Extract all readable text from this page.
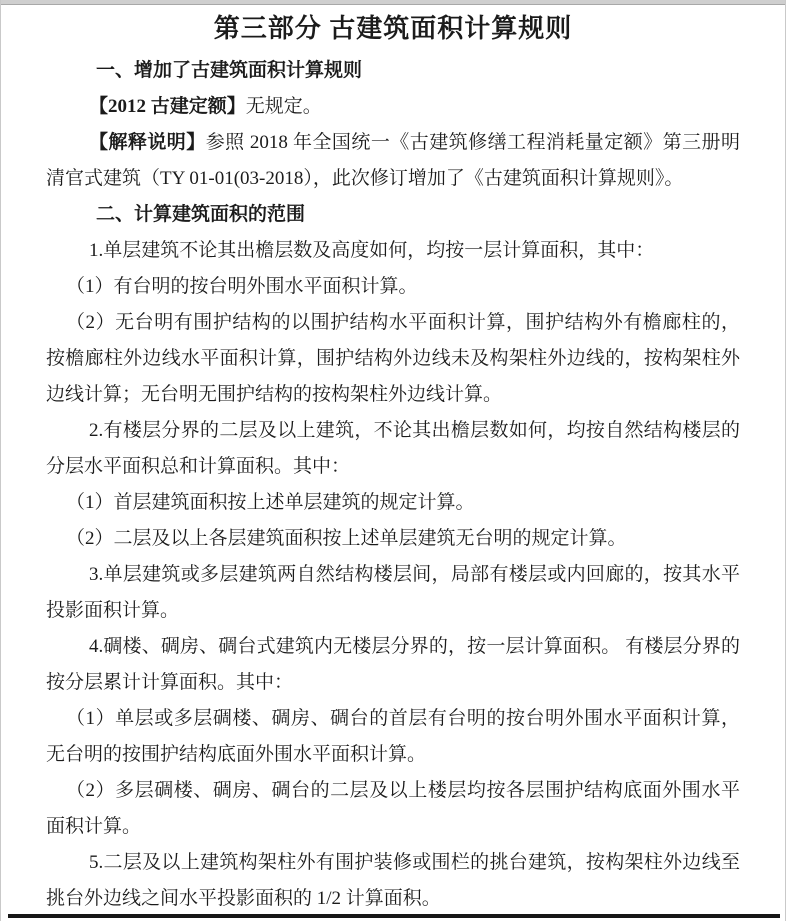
第三部分 古建筑面积计算规则

一、增加了古建筑面积计算规则

【2012 古建定额】无规定。

【解释说明】参照 2018 年全国统一《古建筑修缮工程消耗量定额》第三册明清官式建筑（TY 01-01(03-2018），此次修订增加了《古建筑面积计算规则》。

二、计算建筑面积的范围

1.单层建筑不论其出檐层数及高度如何，均按一层计算面积，其中：

（1）有台明的按台明外围水平面积计算。

（2）无台明有围护结构的以围护结构水平面积计算，围护结构外有檐廊柱的，按檐廊柱外边线水平面积计算，围护结构外边线未及构架柱外边线的，按构架柱外边线计算；无台明无围护结构的按构架柱外边线计算。

2.有楼层分界的二层及以上建筑，不论其出檐层数如何，均按自然结构楼层的分层水平面积总和计算面积。其中：

（1）首层建筑面积按上述单层建筑的规定计算。

（2）二层及以上各层建筑面积按上述单层建筑无台明的规定计算。

3.单层建筑或多层建筑两自然结构楼层间，局部有楼层或内回廊的，按其水平投影面积计算。

4.碉楼、碉房、碉台式建筑内无楼层分界的，按一层计算面积。 有楼层分界的按分层累计计算面积。其中：

（1）单层或多层碉楼、碉房、碉台的首层有台明的按台明外围水平面积计算，无台明的按围护结构底面外围水平面积计算。

（2）多层碉楼、碉房、碉台的二层及以上楼层均按各层围护结构底面外围水平面积计算。

5.二层及以上建筑构架柱外有围护装修或围栏的挑台建筑，按构架柱外边线至挑台外边线之间水平投影面积的 1/2 计算面积。
